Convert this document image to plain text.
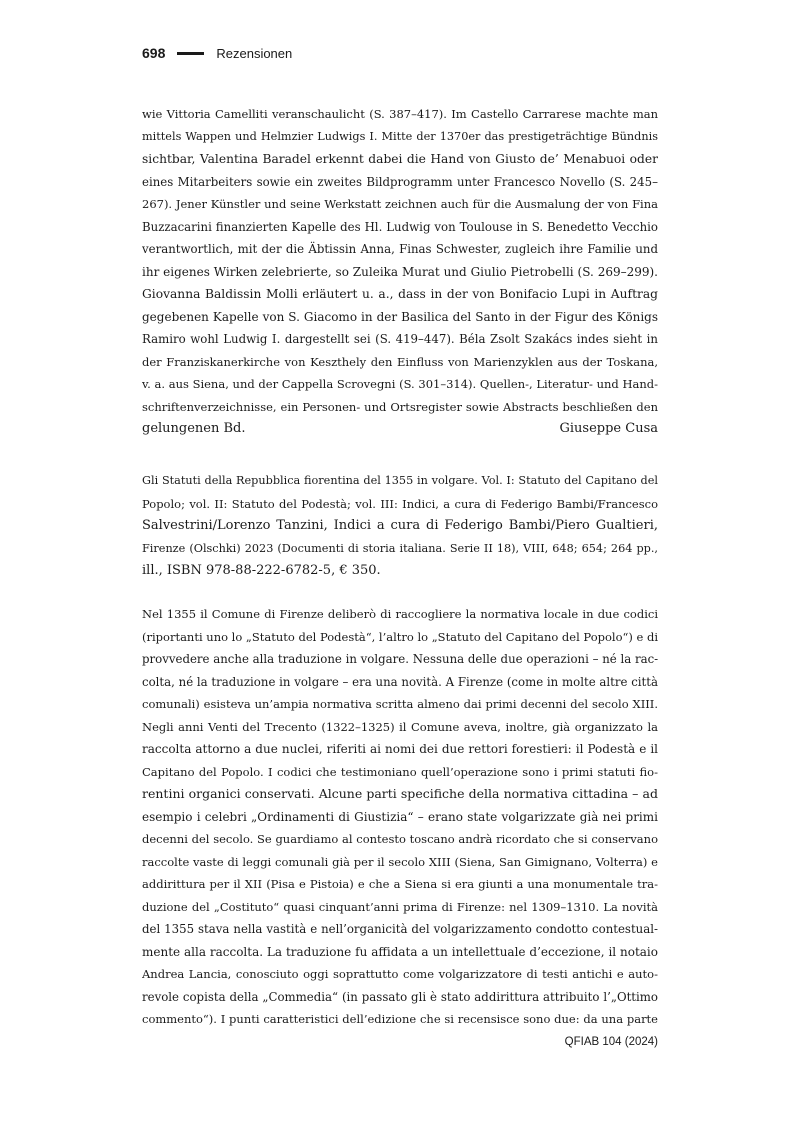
698	Rezensionen
wie Vittoria Camelliti veranschaulicht (S. 387–417). Im Castello Carrarese machte man
mittels Wappen und Helmzier Ludwigs I. Mitte der 1370er das prestigeträchtige Bündnis
sichtbar, Valentina Baradel erkennt dabei die Hand von Giusto de’ Menabuoi oder
eines Mitarbeiters sowie ein zweites Bildprogramm unter Francesco Novello (S. 245–
267). Jener Künstler und seine Werkstatt zeichnen auch für die Ausmalung der von Fina
Buzzacarini finanzierten Kapelle des Hl. Ludwig von Toulouse in S. Benedetto Vecchio
verantwortlich, mit der die Äbtissin Anna, Finas Schwester, zugleich ihre Familie und
ihr eigenes Wirken zelebrierte, so Zuleika Murat und Giulio Pietrobelli (S. 269–299).
Giovanna Baldissin Molli erläutert u. a., dass in der von Bonifacio Lupi in Auftrag
gegebenen Kapelle von S. Giacomo in der Basilica del Santo in der Figur des Königs
Ramiro wohl Ludwig I. dargestellt sei (S. 419–447). Béla Zsolt Szakács indes sieht in
der Franziskanerkirche von Keszthely den Einfluss von Marienzyklen aus der Toskana,
v. a. aus Siena, und der Cappella Scrovegni (S. 301–314). Quellen-, Literatur- und Hand-
schriftenverzeichnisse, ein Personen- und Ortsregister sowie Abstracts beschließen den
gelungenen Bd.	Giuseppe Cusa
Gli Statuti della Repubblica fiorentina del 1355 in volgare. Vol. I: Statuto del Capitano del
Popolo; vol. II: Statuto del Podestà; vol. III: Indici, a cura di Federigo Bambi/Francesco
Salvestrini/Lorenzo Tanzini, Indici a cura di Federigo Bambi/Piero Gualtieri,
Firenze (Olschki) 2023 (Documenti di storia italiana. Serie II 18), VIII, 648; 654; 264 pp.,
ill., ISBN 978-88-222-6782-5, € 350.
Nel 1355 il Comune di Firenze deliberò di raccogliere la normativa locale in due codici
(riportanti uno lo „Statuto del Podestà“, l’altro lo „Statuto del Capitano del Popolo“) e di
provvedere anche alla traduzione in volgare. Nessuna delle due operazioni – né la rac-
colta, né la traduzione in volgare – era una novità. A Firenze (come in molte altre città
comunali) esisteva un’ampia normativa scritta almeno dai primi decenni del secolo XIII.
Negli anni Venti del Trecento (1322–1325) il Comune aveva, inoltre, già organizzato la
raccolta attorno a due nuclei, riferiti ai nomi dei due rettori forestieri: il Podestà e il
Capitano del Popolo. I codici che testimoniano quell’operazione sono i primi statuti fio-
rentini organici conservati. Alcune parti specifiche della normativa cittadina – ad
esempio i celebri „Ordinamenti di Giustizia“ – erano state volgarizzate già nei primi
decenni del secolo. Se guardiamo al contesto toscano andrà ricordato che si conservano
raccolte vaste di leggi comunali già per il secolo XIII (Siena, San Gimignano, Volterra) e
addirittura per il XII (Pisa e Pistoia) e che a Siena si era giunti a una monumentale tra-
duzione del „Costituto“ quasi cinquant’anni prima di Firenze: nel 1309–1310. La novità
del 1355 stava nella vastità e nell’organicità del volgarizzamento condotto contestual-
mente alla raccolta. La traduzione fu affidata a un intellettuale d’eccezione, il notaio
Andrea Lancia, conosciuto oggi soprattutto come volgarizzatore di testi antichi e auto-
revole copista della „Commedia“ (in passato gli è stato addirittura attribuito l’„Ottimo
commento“). I punti caratteristici dell’edizione che si recensisce sono due: da una parte
QFIAB 104 (2024)
